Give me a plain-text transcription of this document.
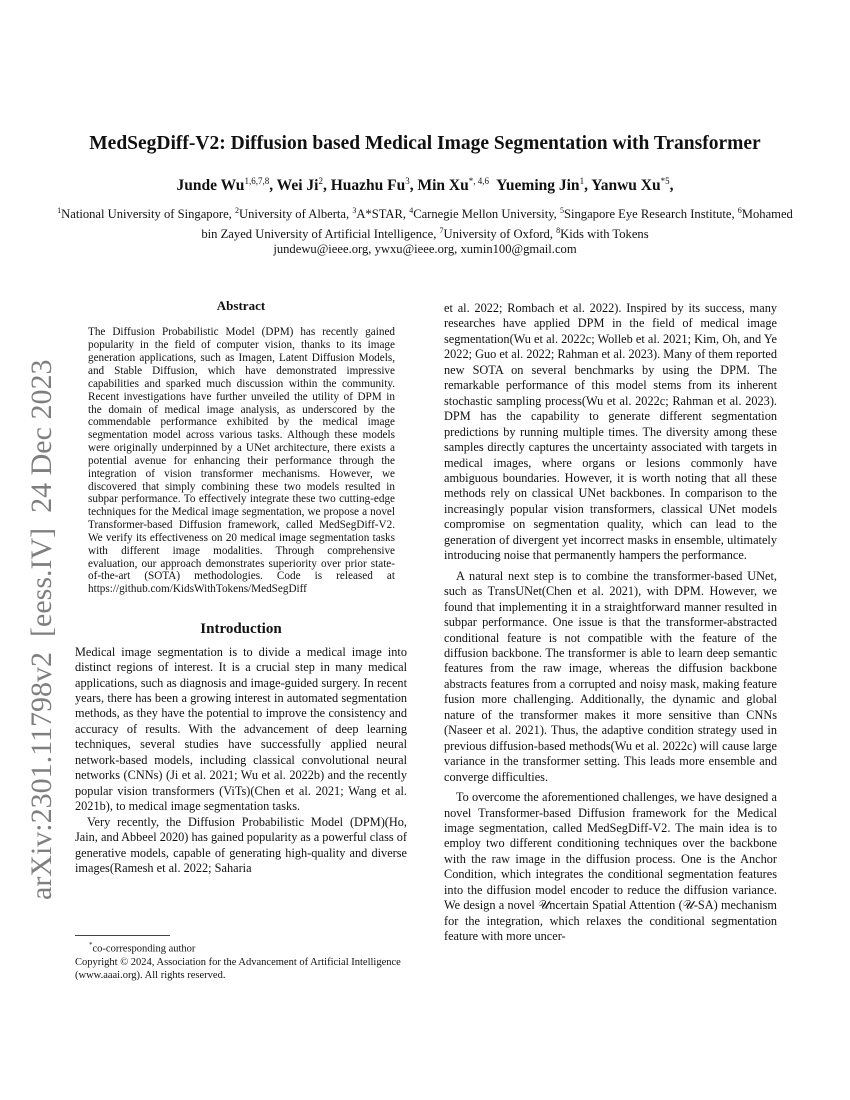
MedSegDiff-V2: Diffusion based Medical Image Segmentation with Transformer
Junde Wu$^{1,6,7,8}$, Wei Ji$^2$, Huazhu Fu$^3$, Min $Xu^{*, 4,6}$ Yueming Jin$^1$, Yanwu Xu$^{*5}$,
$^1$National University of Singapore, $^2$University of Alberta, $^3$A*STAR, $^4$Carnegie Mellon University, $^5$Singapore Eye Research Institute, $^6$Mohamed bin Zayed University of Artificial Intelligence, $^7$University of Oxford, $^8$Kids with Tokens
jundewu@ieee.org, ywxu@ieee.org, xumin100@gmail.com
arXiv:2301.11798v2  [eess.IV]  24 Dec 2023
Abstract

The Diffusion Probabilistic Model (DPM) has recently gained popularity in the field of computer vision, thanks to its image generation applications, such as Imagen, Latent Diffusion Models, and Stable Diffusion, which have demonstrated impressive capabilities and sparked much discussion within the community. Recent investigations have further unveiled the utility of DPM in the domain of medical image analysis, as underscored by the commendable performance exhibited by the medical image segmentation model across various tasks. Although these models were originally underpinned by a UNet architecture, there exists a potential avenue for enhancing their performance through the integration of vision transformer mechanisms. However, we discovered that simply combining these two models resulted in subpar performance. To effectively integrate these two cutting-edge techniques for the Medical image segmentation, we propose a novel Transformer-based Diffusion framework, called MedSegDiff-V2. We verify its effectiveness on 20 medical image segmentation tasks with different image modalities. Through comprehensive evaluation, our approach demonstrates superiority over prior state-of-the-art (SOTA) methodologies. Code is released at https://github.com/KidsWithTokens/MedSegDiff

Introduction

Medical image segmentation is to divide a medical image into distinct regions of interest. It is a crucial step in many medical applications, such as diagnosis and image-guided surgery. In recent years, there has been a growing interest in automated segmentation methods, as they have the potential to improve the consistency and accuracy of results. With the advancement of deep learning techniques, several studies have successfully applied neural network-based models, including classical convolutional neural networks (CNNs) (Ji et al. 2021; Wu et al. 2022b) and the recently popular vision transformers (ViTs)(Chen et al. 2021; Wang et al. 2021b), to medical image segmentation tasks.

Very recently, the Diffusion Probabilistic Model (DPM)(Ho, Jain, and Abbeel 2020) has gained popularity as a powerful class of generative models, capable of generating high-quality and diverse images(Ramesh et al. 2022; Saharia

*co-corresponding author

Copyright © 2024, Association for the Advancement of Artificial Intelligence (www.aaai.org). All rights reserved.

et al. 2022; Rombach et al. 2022). Inspired by its success, many researches have applied DPM in the field of medical image segmentation(Wu et al. 2022c; Wolleb et al. 2021; Kim, Oh, and Ye 2022; Guo et al. 2022; Rahman et al. 2023). Many of them reported new SOTA on several benchmarks by using the DPM. The remarkable performance of this model stems from its inherent stochastic sampling process(Wu et al. 2022c; Rahman et al. 2023). DPM has the capability to generate different segmentation predictions by running multiple times. The diversity among these samples directly captures the uncertainty associated with targets in medical images, where organs or lesions commonly have ambiguous boundaries. However, it is worth noting that all these methods rely on classical UNet backbones. In comparison to the increasingly popular vision transformers, classical UNet models compromise on segmentation quality, which can lead to the generation of divergent yet incorrect masks in ensemble, ultimately introducing noise that permanently hampers the performance.

A natural next step is to combine the transformer-based UNet, such as TransUNet(Chen et al. 2021), with DPM. However, we found that implementing it in a straightforward manner resulted in subpar performance. One issue is that the transformer-abstracted conditional feature is not compatible with the feature of the diffusion backbone. The transformer is able to learn deep semantic features from the raw image, whereas the diffusion backbone abstracts features from a corrupted and noisy mask, making feature fusion more challenging. Additionally, the dynamic and global nature of the transformer makes it more sensitive than CNNs (Naseer et al. 2021). Thus, the adaptive condition strategy used in previous diffusion-based methods(Wu et al. 2022c) will cause large variance in the transformer setting. This leads more ensemble and converge difficulties.

To overcome the aforementioned challenges, we have designed a novel Transformer-based Diffusion framework for the Medical image segmentation, called MedSegDiff-V2. The main idea is to employ two different conditioning techniques over the backbone with the raw image in the diffusion process. One is the Anchor Condition, which integrates the conditional segmentation features into the diffusion model encoder to reduce the diffusion variance. We design a novel 𝒰ncertain Spatial Attention (𝒰-SA) mechanism for the integration, which relaxes the conditional segmentation feature with more uncer-
